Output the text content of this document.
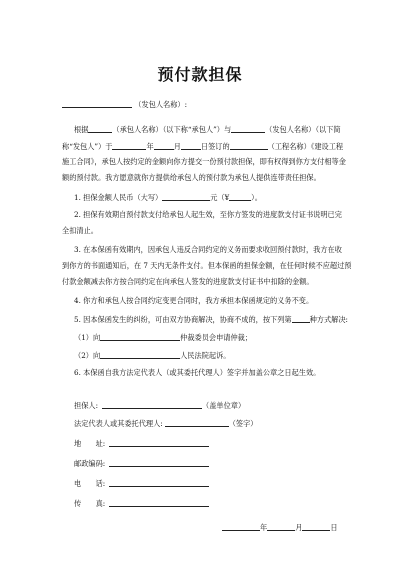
预付款担保
（发包人名称）:
根据	（承包人名称）（以下称“承包人”）与	（发包人名称）（以下简
称“发包人”）于	年	月	日签订的	（工程名称）《建设工程
施工合同》，承包人按约定的金额向你方提交一份预付款担保，即有权得到你方支付相等金
额的预付款。我方愿意就你方提供给承包人的预付款为承包人提供连带责任担保。
1. 担保金额人民币（大写）	元（¥	）。
2. 担保有效期自预付款支付给承包人起生效，至你方签发的进度款支付证书说明已完
全扣清止。
3. 在本保函有效期内，因承包人违反合同约定的义务而要求收回预付款时，我方在收
到你方的书面通知后，在 7 天内无条件支付。但本保函的担保金额，在任何时候不应超过预
付款金额减去你方按合同约定在向承包人签发的进度款支付证书中扣除的金额。
4. 你方和承包人按合同约定变更合同时，我方承担本保函规定的义务不变。
5. 因本保函发生的纠纷，可由双方协商解决，协商不成的，按下列第	种方式解决:
（1）向	仲裁委员会申请仲裁；
（2）向	人民法院起诉。
6. 本保函自我方法定代表人（或其委托代理人）签字并加盖公章之日起生效。
担保人:	（盖单位章）
法定代表人或其委托代理人:	（签字）
地　　址:
邮政编码:
电　　话:
传　　真:
年	月	日
